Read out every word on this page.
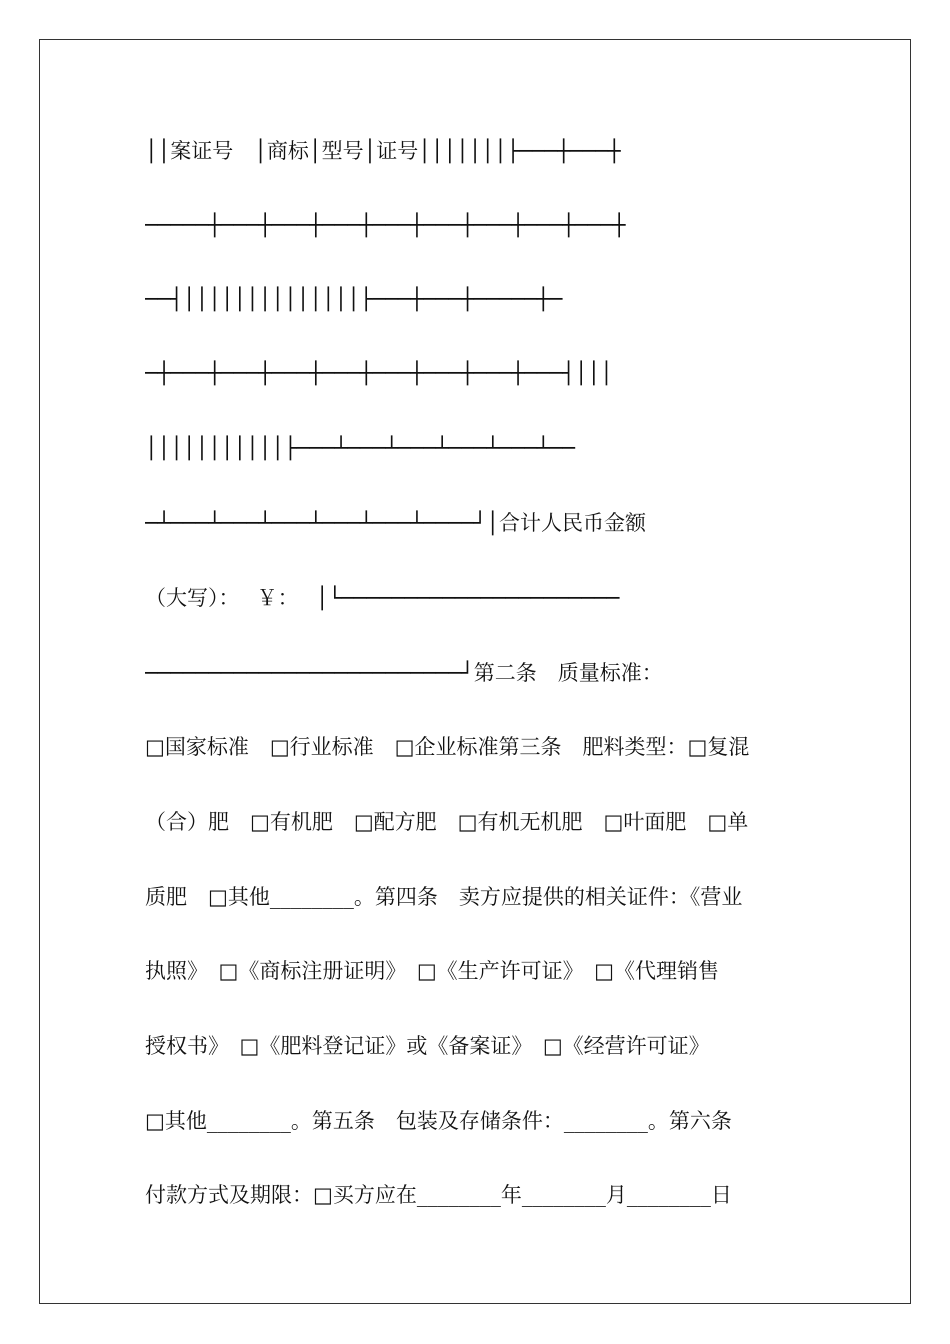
││案证号　│商标│型号│证号│││││││├───┼───┼
─────┼───┼───┼───┼───┼───┼───┼───┼───┼
──┤││││││││││││││├───┼───┼─────┼─
─┼───┼───┼───┼───┼───┼───┼───┼───┤│││
│││││││││││├───┴───┴───┴───┴───┴──
─┴───┴───┴───┴───┴───┴────┘│合计人民币金额
（大写）：　 ￥：　 │└──────────────────────
─────────────────────────┘第二条　质量标准：
□国家标准　□行业标准　□企业标准第三条　肥料类型：□复混
（合）肥　□有机肥　□配方肥　□有机无机肥　□叶面肥　□单
质肥　□其他________。第四条　卖方应提供的相关证件：《营业
执照》　□《商标注册证明》　□《生产许可证》　□《代理销售
授权书》　□《肥料登记证》或《备案证》　□《经营许可证》
□其他________。第五条　包装及存储条件：________。第六条
付款方式及期限：□买方应在________年________月________日
